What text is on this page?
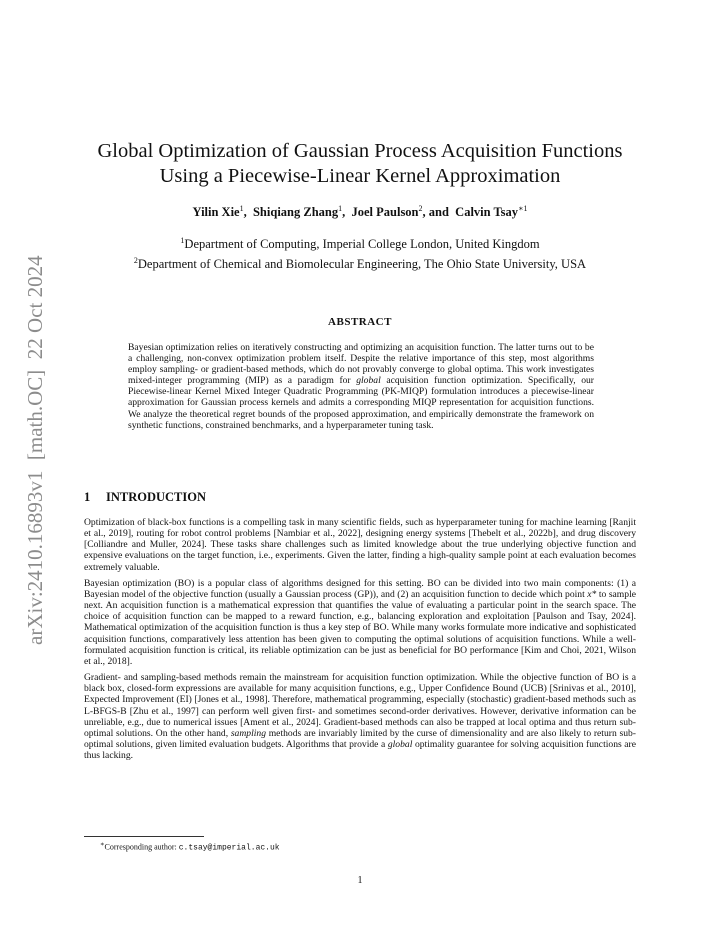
arXiv:2410.16893v1  [math.OC]  22 Oct 2024
Global Optimization of Gaussian Process Acquisition Functions
Using a Piecewise-Linear Kernel Approximation
Yilin Xie$^1$,  Shiqiang Zhang$^1$,  Joel Paulson$^2$, and Calvin Tsay$^{∗1}$
$^1$Department of Computing, Imperial College London, United Kingdom
$^2$Department of Chemical and Biomolecular Engineering, The Ohio State University, USA
ABSTRACT

Bayesian optimization relies on iteratively constructing and optimizing an acquisition function. The latter turns out to be a challenging, non-convex optimization problem itself. Despite the relative importance of this step, most algorithms employ sampling- or gradient-based methods, which do not provably converge to global optima. This work investigates mixed-integer programming (MIP) as a paradigm for global acquisition function optimization. Specifically, our Piecewise-linear Kernel Mixed Integer Quadratic Programming (PK-MIQP) formulation introduces a piecewise-linear approximation for Gaussian process kernels and admits a corresponding MIQP representation for acquisition functions. We analyze the theoretical regret bounds of the proposed approximation, and empirically demonstrate the framework on synthetic functions, constrained benchmarks, and a hyperparameter tuning task.

1 INTRODUCTION

Optimization of black-box functions is a compelling task in many scientific fields, such as hyperparameter tuning for machine learning [Ranjit et al., 2019], routing for robot control problems [Nambiar et al., 2022], designing energy systems [Thebelt et al., 2022b], and drug discovery [Colliandre and Muller, 2024]. These tasks share challenges such as limited knowledge about the true underlying objective function and expensive evaluations on the target function, i.e., experiments. Given the latter, finding a high-quality sample point at each evaluation becomes extremely valuable.

Bayesian optimization (BO) is a popular class of algorithms designed for this setting. BO can be divided into two main components: (1) a Bayesian model of the objective function (usually a Gaussian process (GP)), and (2) an acquisition function to decide which point x* to sample next. An acquisition function is a mathematical expression that quantifies the value of evaluating a particular point in the search space. The choice of acquisition function can be mapped to a reward function, e.g., balancing exploration and exploitation [Paulson and Tsay, 2024]. Mathematical optimization of the acquisition function is thus a key step of BO. While many works formulate more indicative and sophisticated acquisition functions, comparatively less attention has been given to computing the optimal solutions of acquisition functions. While a well-formulated acquisition function is critical, its reliable optimization can be just as beneficial for BO performance [Kim and Choi, 2021, Wilson et al., 2018].

Gradient- and sampling-based methods remain the mainstream for acquisition function optimization. While the objective function of BO is a black box, closed-form expressions are available for many acquisition functions, e.g., Upper Confidence Bound (UCB) [Srinivas et al., 2010], Expected Improvement (EI) [Jones et al., 1998]. Therefore, mathematical programming, especially (stochastic) gradient-based methods such as L-BFGS-B [Zhu et al., 1997] can perform well given first- and sometimes second-order derivatives. However, derivative information can be unreliable, e.g., due to numerical issues [Ament et al., 2024]. Gradient-based methods can also be trapped at local optima and thus return sub-optimal solutions. On the other hand, sampling methods are invariably limited by the curse of dimensionality and are also likely to return sub-optimal solutions, given limited evaluation budgets. Algorithms that provide a global optimality guarantee for solving acquisition functions are thus lacking.

∗Corresponding author: c.tsay@imperial.ac.uk
1
